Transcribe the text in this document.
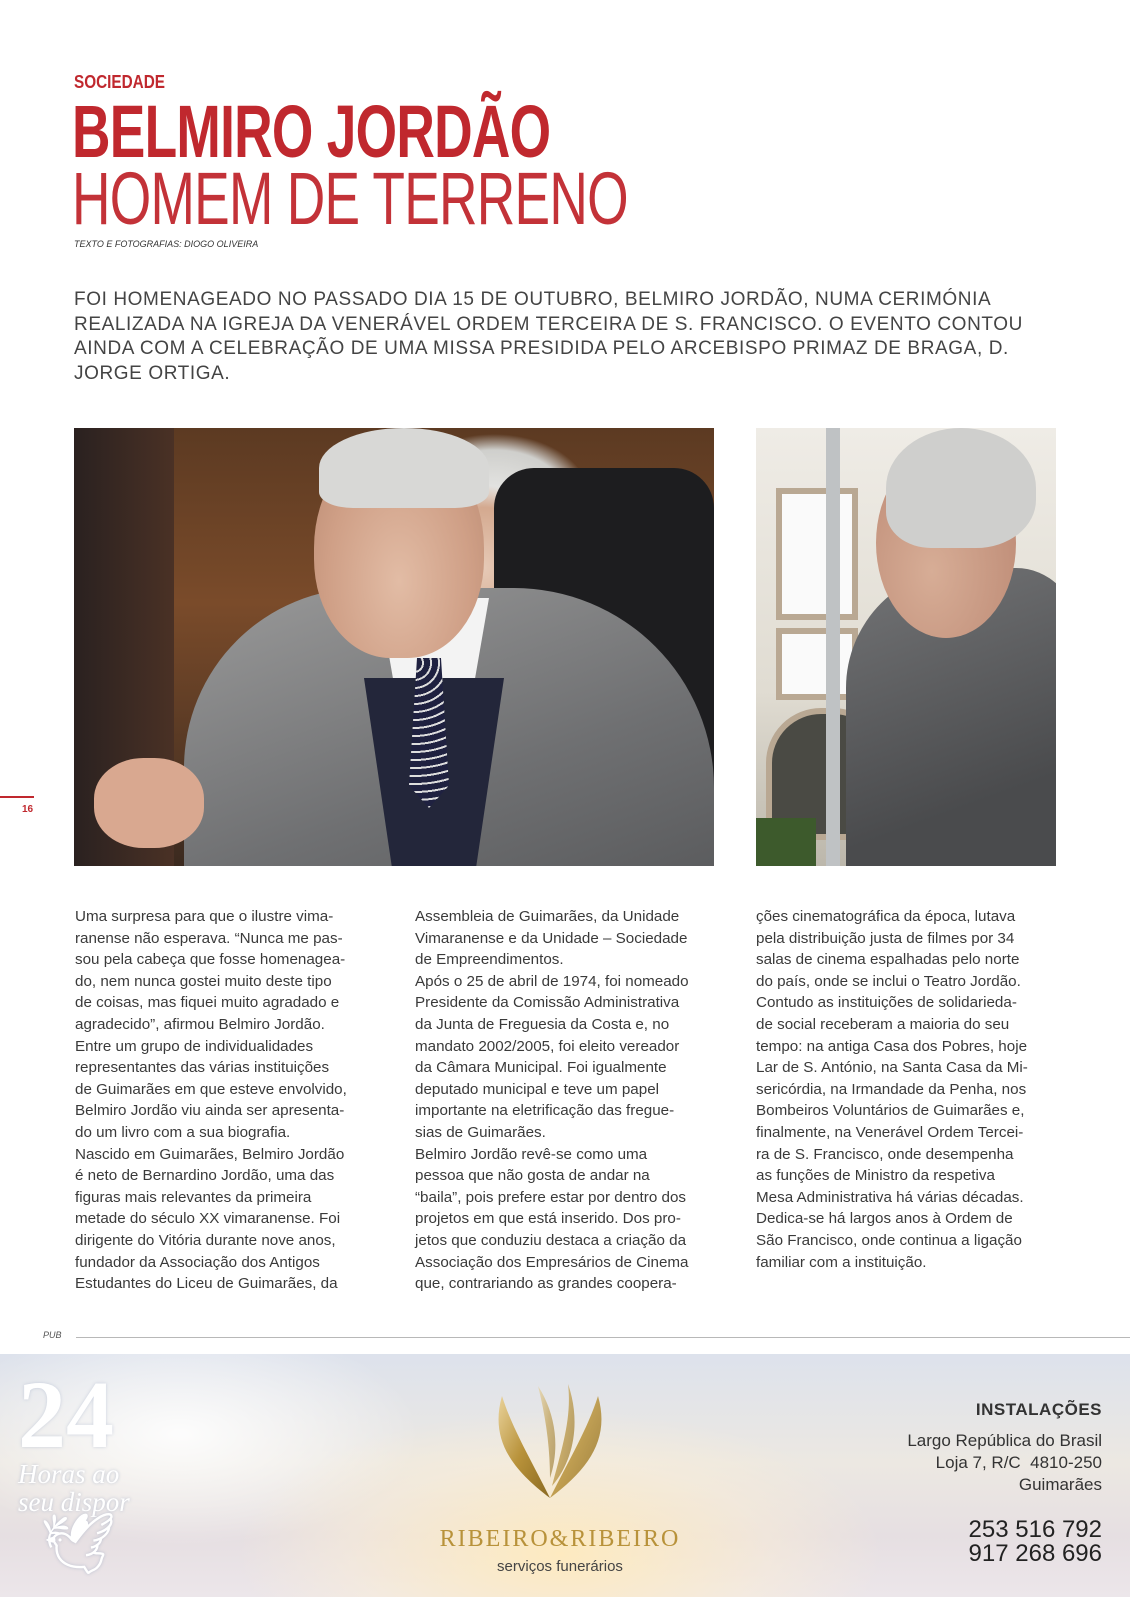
SOCIEDADE
BELMIRO JORDÃO
HOMEM DE TERRENO
TEXTO E FOTOGRAFIAS: DIOGO OLIVEIRA
FOI HOMENAGEADO NO PASSADO DIA 15 DE OUTUBRO, BELMIRO JORDÃO, NUMA CERIMÓNIA REALIZADA NA IGREJA DA VENERÁVEL ORDEM TERCEIRA DE S. FRANCISCO. O EVENTO CONTOU AINDA COM A CELEBRAÇÃO DE UMA MISSA PRESIDIDA PELO ARCEBISPO PRIMAZ DE BRAGA, D. JORGE ORTIGA.
16

Uma surpresa para que o ilustre vima-

ranense não esperava. “Nunca me pas-

sou pela cabeça que fosse homenagea-

do, nem nunca gostei muito deste tipo

de coisas, mas fiquei muito agradado e

agradecido”, afirmou Belmiro Jordão.

Entre um grupo de individualidades

representantes das várias instituições

de Guimarães em que esteve envolvido,

Belmiro Jordão viu ainda ser apresenta-

do um livro com a sua biografia.

Nascido em Guimarães, Belmiro Jordão

é neto de Bernardino Jordão, uma das

figuras mais relevantes da primeira

metade do século XX vimaranense. Foi

dirigente do Vitória durante nove anos,

fundador da Associação dos Antigos

Estudantes do Liceu de Guimarães, da

Assembleia de Guimarães, da Unidade

Vimaranense e da Unidade – Sociedade

de Empreendimentos.

Após o 25 de abril de 1974, foi nomeado

Presidente da Comissão Administrativa

da Junta de Freguesia da Costa e, no

mandato 2002/2005, foi eleito vereador

da Câmara Municipal. Foi igualmente

deputado municipal e teve um papel

importante na eletrificação das fregue-

sias de Guimarães.

Belmiro Jordão revê-se como uma

pessoa que não gosta de andar na

“baila”, pois prefere estar por dentro dos

projetos em que está inserido. Dos pro-

jetos que conduziu destaca a criação da

Associação dos Empresários de Cinema

que, contrariando as grandes coopera-

ções cinematográfica da época, lutava

pela distribuição justa de filmes por 34

salas de cinema espalhadas pelo norte

do país, onde se inclui o Teatro Jordão.

Contudo as instituições de solidarieda-

de social receberam a maioria do seu

tempo: na antiga Casa dos Pobres, hoje

Lar de S. António, na Santa Casa da Mi-

sericórdia, na Irmandade da Penha, nos

Bombeiros Voluntários de Guimarães e,

finalmente, na Venerável Ordem Tercei-

ra de S. Francisco, onde desempenha

as funções de Ministro da respetiva

Mesa Administrativa há várias décadas.

Dedica-se há largos anos à Ordem de

São Francisco, onde continua a ligação

familiar com a instituição.

PUB
24
Horas ao
seu dispor
🕊	RIBEIRO&RIBEIRO
serviços funerários
INSTALAÇÕES
Largo República do Brasil
Loja 7, R/C  4810-250
Guimarães
253 516 792
917 268 696
